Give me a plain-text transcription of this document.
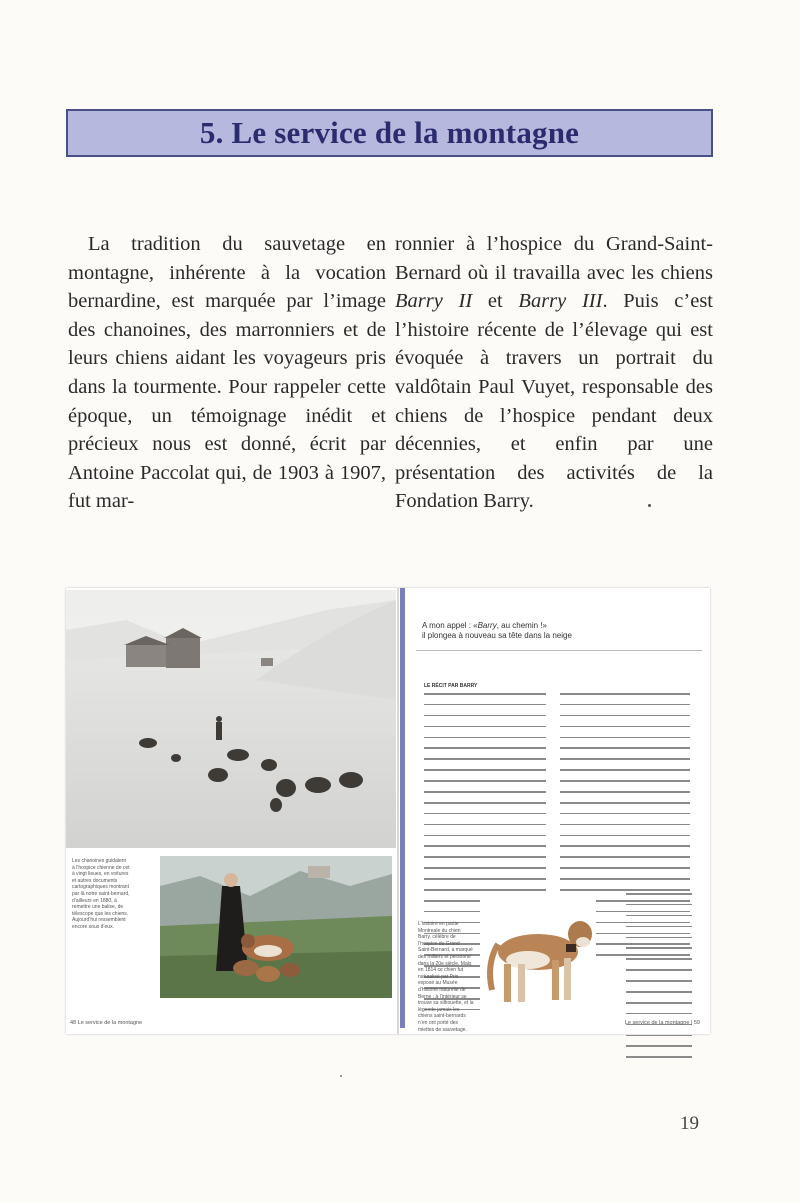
5. Le service de la montagne
La tradition du sauvetage en montagne, inhérente à la vocation bernardine, est marquée par l’image des chanoines, des marronniers et de leurs chiens aidant les voyageurs pris dans la tourmente. Pour rappeler cette époque, un témoignage inédit et précieux nous est donné, écrit par Antoine Paccolat qui, de 1903 à 1907, fut mar-
ronnier à l’hospice du Grand-Saint-Bernard où il travailla avec les chiens Barry II et Barry III. Puis c’est l’histoire récente de l’élevage qui est évoquée à travers un portrait du valdôtain Paul Vuyet, responsable des chiens de l’hospice pendant deux décennies, et enfin par une présentation des activités de la Fondation Barry.
Les chanoines guidaient à l’hospice chienne de cet à vingt lieues, en voitures et autres documents cartographiques montrant par là notre saint-bernard, d’ailleurs en 1880, à remettre une balise, de télescope que les chiens. Aujourd’hui ressemblent encore sous d’eux.
A mon appel : «Barry, au chemin !»
il plongea à nouveau sa tête dans la neige
LE RÉCIT PAR BARRY
L’histoire en partie Montreale du chien Barry, célèbre de l’hospice du Grand Saint-Bernard, a marqué des milliers et personne dans la 20e siècle. Mais en 1814 ce chien fut naturalisé par Prix exposé au Musée d’histoire naturelle de Berne ; à l’intérieur se trouve sa silhouette, et la légende jamais les chiens saint-bernards n’en ont porté des miettes de sauvetage.
48 Le service de la montagne	Le service de la montagne | 59
19
